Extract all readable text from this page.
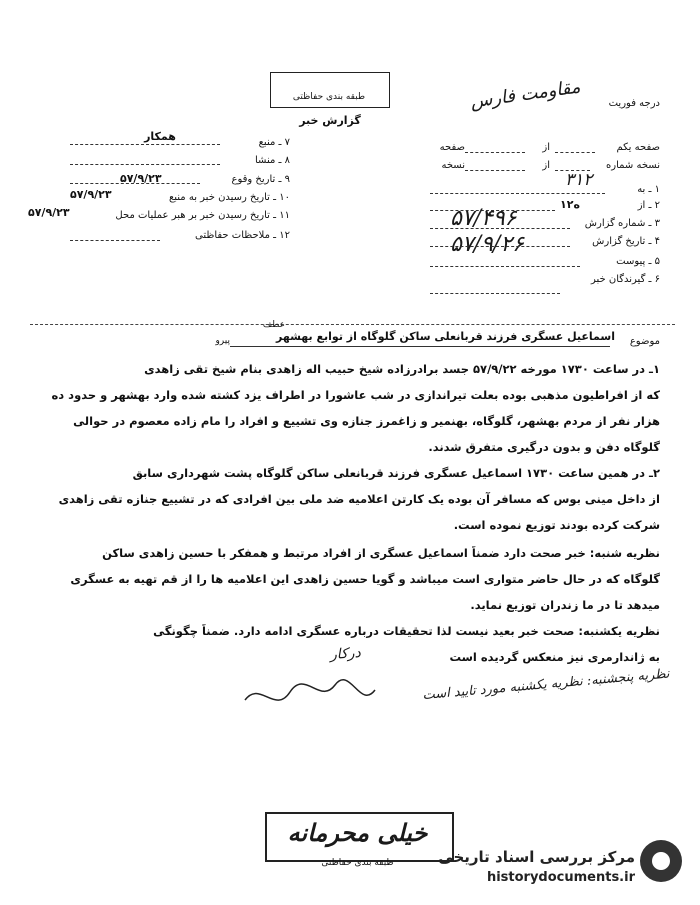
طبقه بندی حفاظتی
گزارش خبر
درجه فوریت
مقاومت فارس
۷ ـ منبع
همکار
۸ ـ منشا
۹ ـ تاریخ وقوع
۵۷/۹/۲۳
۱۰ ـ تاریخ رسیدن خبر به منبع
۵۷/۹/۲۳
۱۱ ـ تاریخ رسیدن خبر بر هبر عملیات محل
۵۷/۹/۲۳
۱۲ ـ ملاحظات حفاظتی
صفحه یکم
از
صفحه
نسخه شماره
از
نسخه
۳۱۲	۱ ـ به
۲ ـ از
۱ه۲
۳ ـ شماره گزارش
۵۷/۴۹۶
۴ ـ تاریخ گزارش
۵۷/۹/۲۶
۵ ـ پیوست
۶ ـ گیرندگان خبر
موضوع
اسماعیل عسگری فرزند قربانعلی ساکن گلوگاه از توابع بهشهر
عطف
پیرو
۱ـ در ساعت ۱۷۳۰ مورخه ۵۷/۹/۲۲ جسد برادرزاده شیخ حبیب اله زاهدی بنام شیخ تقی زاهدی
که از افراطیون مذهبی بوده بعلت تیراندازی در شب عاشورا در اطراف یزد کشته شده وارد بهشهر و حدود ده
هزار نفر از مردم بهشهر، گلوگاه، بهنمیر و زاغمرز جنازه وی تشییع و افراد را مام زاده معصوم در حوالی
گلوگاه دفن و بدون درگیری متفرق شدند.
۲ـ در همین ساعت ۱۷۳۰ اسماعیل عسگری فرزند قربانعلی ساکن گلوگاه پشت شهرداری سابق
از داخل مینی بوس که مسافر آن بوده یک کارتن اعلامیه ضد ملی بین افرادی که در تشییع جنازه تقی زاهدی
شرکت کرده بودند توزیع نموده است.
نظریه شنبه: خبر صحت دارد ضمناً اسماعیل عسگری از افراد مرتبط و همفکر با حسین زاهدی ساکن
گلوگاه که در حال حاضر متواری است میباشد و گویا حسین زاهدی این اعلامیه ها را از قم تهیه به عسگری
میدهد تا در ما زندران توزیع نماید.
نظریه یکشنبه: صحت خبر بعید نیست لذا تحقیقات درباره عسگری ادامه دارد. ضمناً چگونگی
به ژاندارمری نیز منعکس گردیده است
درکار
نظریه پنجشنبه: نظریه یکشنبه مورد تایید است
خیلی محرمانه
طبقه بندی حفاظتی	مرکز بررسی اسناد تاریخی
historydocuments.ir
